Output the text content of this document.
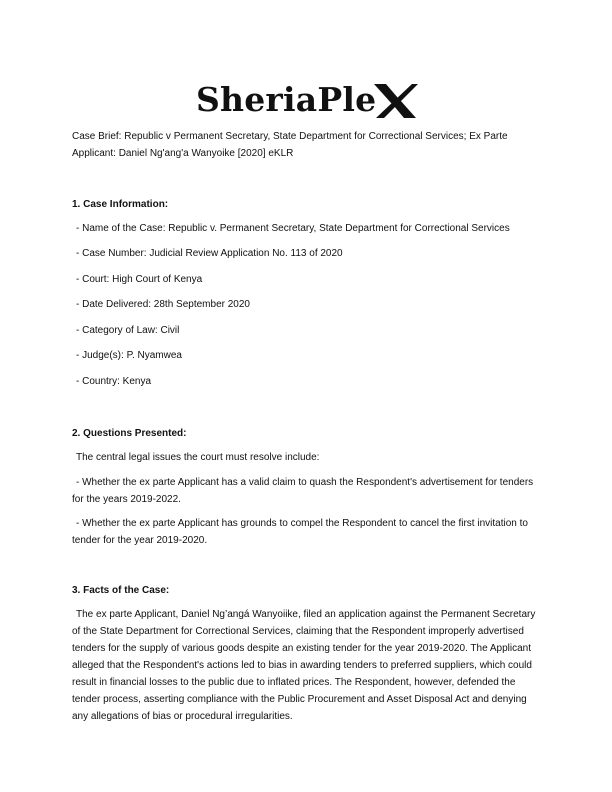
SheriaPle
Case Brief: Republic v Permanent Secretary, State Department for Correctional Services; Ex Parte Applicant: Daniel Ng'ang'a Wanyoike [2020] eKLR
1. Case Information:
- Name of the Case: Republic v. Permanent Secretary, State Department for Correctional Services
- Case Number: Judicial Review Application No. 113 of 2020
- Court: High Court of Kenya
- Date Delivered: 28th September 2020
- Category of Law: Civil
- Judge(s): P. Nyamwea
- Country: Kenya
2. Questions Presented:
The central legal issues the court must resolve include:
- Whether the ex parte Applicant has a valid claim to quash the Respondent's advertisement for tenders for the years 2019-2022.
- Whether the ex parte Applicant has grounds to compel the Respondent to cancel the first invitation to tender for the year 2019-2020.
3. Facts of the Case:
The ex parte Applicant, Daniel Ng’angá Wanyoiike, filed an application against the Permanent Secretary of the State Department for Correctional Services, claiming that the Respondent improperly advertised tenders for the supply of various goods despite an existing tender for the year 2019-2020. The Applicant alleged that the Respondent's actions led to bias in awarding tenders to preferred suppliers, which could result in financial losses to the public due to inflated prices. The Respondent, however, defended the tender process, asserting compliance with the Public Procurement and Asset Disposal Act and denying any allegations of bias or procedural irregularities.
